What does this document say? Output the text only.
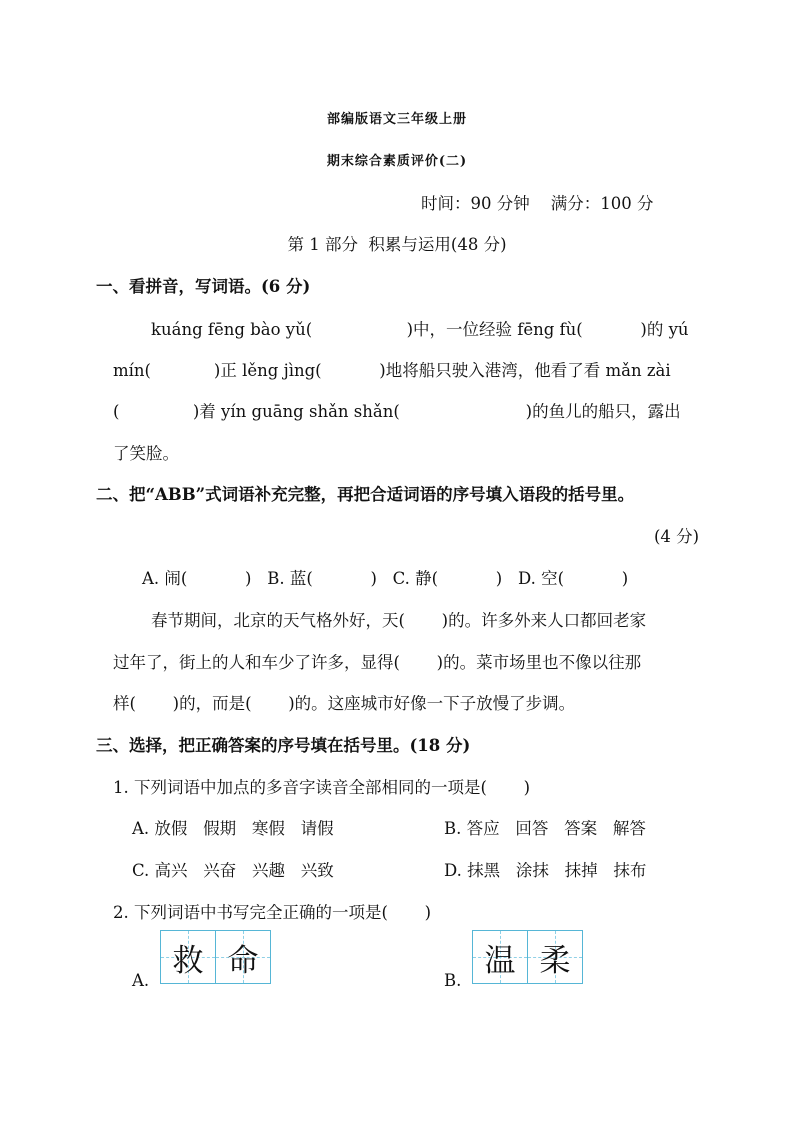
部编版语文三年级上册
期末综合素质评价(二)
时间：90 分钟    满分：100 分
第 1 部分  积累与运用(48 分)
一、看拼音，写词语。(6 分)
kuáng fēng bào yǔ(                  )中，一位经验 fēng fù(           )的 yú
mín(            )正 lěng jìng(           )地将船只驶入港湾，他看了看 mǎn zài
(              )着 yín guāng shǎn shǎn(                        )的鱼儿的船只，露出
了笑脸。
二、把“ABB”式词语补充完整，再把合适词语的序号填入语段的括号里。
(4 分)
A. 闹(           )   B. 蓝(           )   C. 静(           )   D. 空(           )
春节期间，北京的天气格外好，天(       )的。许多外来人口都回老家
过年了，街上的人和车少了许多，显得(       )的。菜市场里也不像以往那
样(       )的，而是(       )的。这座城市好像一下子放慢了步调。
三、选择，把正确答案的序号填在括号里。(18 分)
1. 下列词语中加点的多音字读音全部相同的一项是(       )
A. 放假   假期   寒假   请假	B. 答应   回答   答案   解答
C. 高兴   兴奋   兴趣   兴致	D. 抹黑   涂抹   抹掉   抹布
2. 下列词语中书写完全正确的一项是(       )
A.
救 命
B.
温 柔
